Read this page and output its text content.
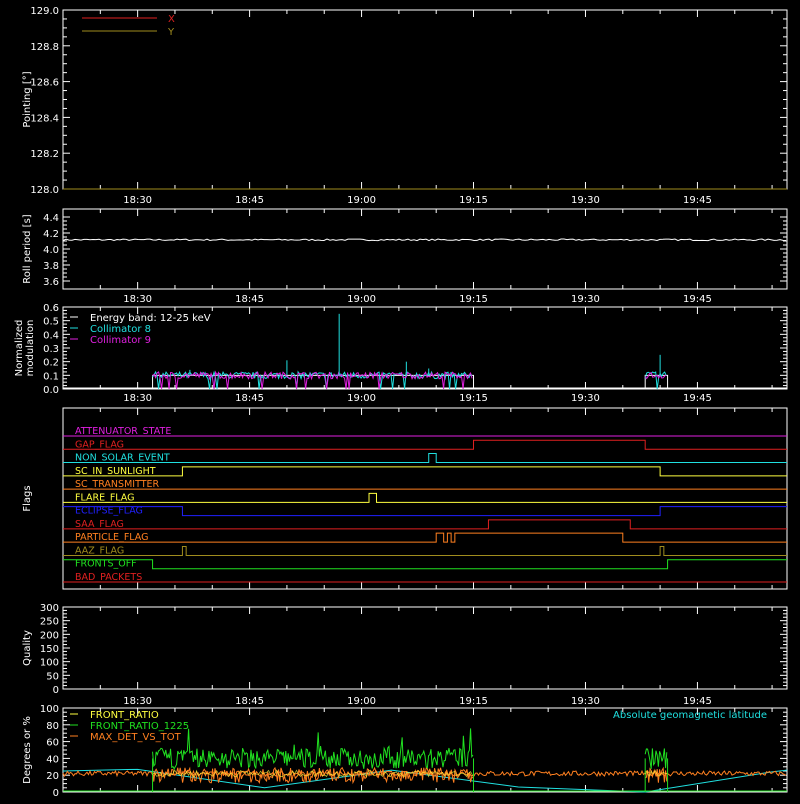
129.0
128.8
128.6
128.4
128.2
128.0
Pointing [°]
18:30	18:45	19:00	19:15	19:30	19:45
X
Y
4.4
4.2
4.0
3.8
3.6
Roll period [s]
18:30	18:45	19:00	19:15	19:30	19:45
0.6
0.5
0.4
0.3
0.2
0.1
0.0
Normalized modulation
18:30	18:45	19:00	19:15	19:30	19:45
Energy band: 12-25 keV
Collimator 8
Collimator 9
Flags
ATTENUATOR_STATE
GAP_FLAG
NON_SOLAR_EVENT
SC_IN_SUNLIGHT
SC_TRANSMITTER
FLARE_FLAG
ECLIPSE_FLAG
SAA_FLAG
PARTICLE_FLAG
AAZ_FLAG
FRONTS_OFF
BAD_PACKETS
300
250
200
150
100
50
0
Quality
18:30	18:45	19:00	19:15	19:30	19:45
100
80
60
40
20
0
Degrees or %
FRONT_RATIO
FRONT_RATIO_1225
MAX_DET_VS_TOT
Absolute geomagnetic latitude
